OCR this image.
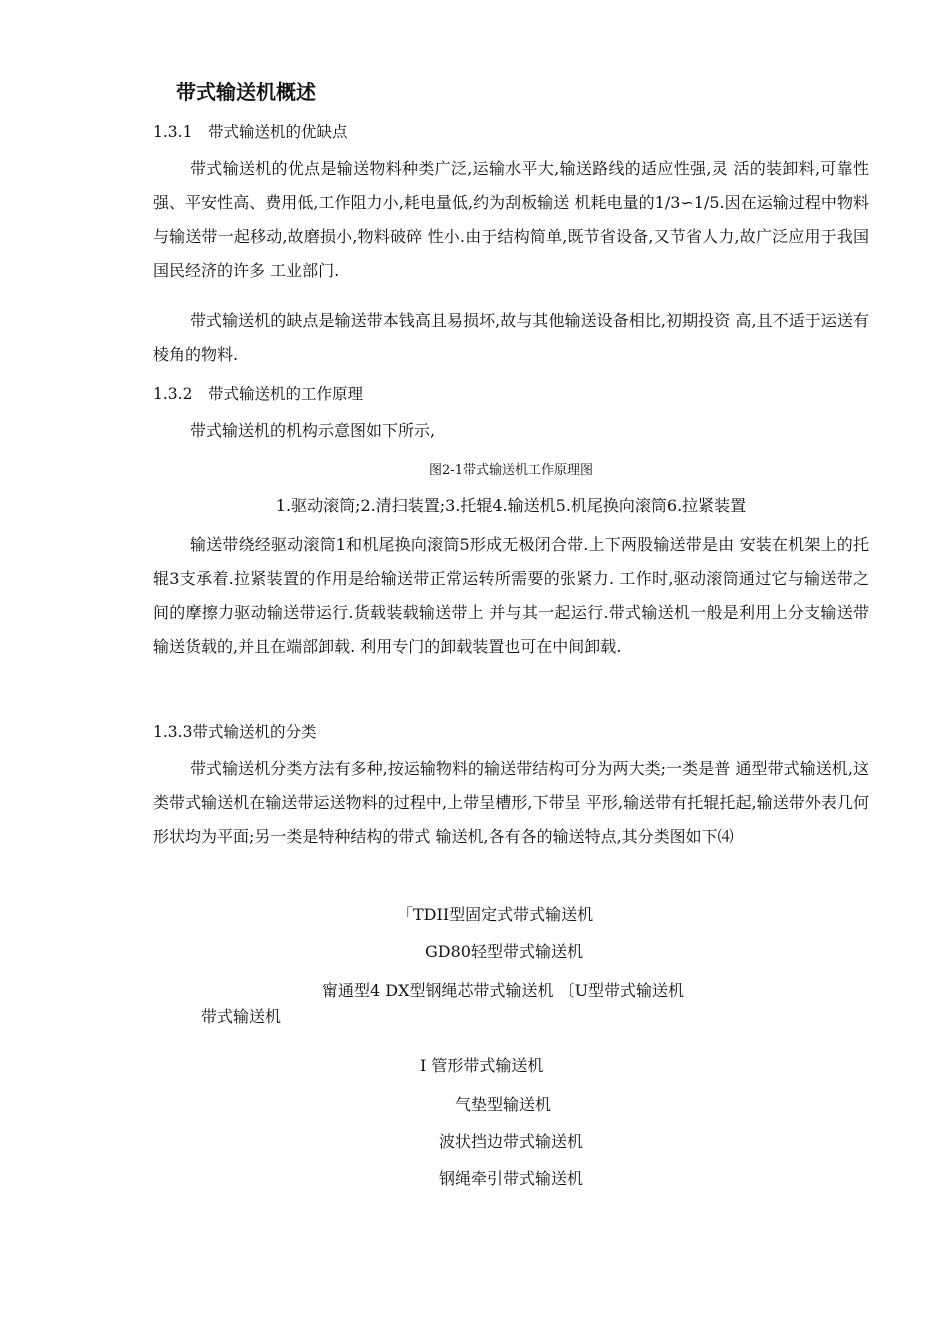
带式输送机概述
1.3.1　带式输送机的优缺点

带式输送机的优点是输送物料种类广泛,运输水平大,输送路线的适应性强,灵 活的装卸料,可靠性强、平安性高、费用低,工作阻力小,耗电量低,约为刮板输送 机耗电量的1/3∽1/5.因在运输过程中物料与输送带一起移动,故磨损小,物料破碎 性小.由于结构简单,既节省设备,又节省人力,故广泛应用于我国国民经济的许多 工业部门.

带式输送机的缺点是输送带本钱高且易损坏,故与其他输送设备相比,初期投资 高,且不适于运送有棱角的物料.

1.3.2　带式输送机的工作原理

带式输送机的机构示意图如下所示,

图2-1带式输送机工作原理图
1.驱动滚筒;2.清扫装置;3.托辊4.输送机5.机尾换向滚筒6.拉紧装置

输送带绕经驱动滚筒1和机尾换向滚筒5形成无极闭合带.上下两股输送带是由 安装在机架上的托辊3支承着.拉紧装置的作用是给输送带正常运转所需要的张紧力. 工作时,驱动滚筒通过它与输送带之间的摩擦力驱动输送带运行.货载装载输送带上 并与其一起运行.带式输送机一般是利用上分支输送带输送货载的,并且在端部卸载. 利用专门的卸载装置也可在中间卸载.

1.3.3带式输送机的分类

带式输送机分类方法有多种,按运输物料的输送带结构可分为两大类;一类是普 通型带式输送机,这类带式输送机在输送带运送物料的过程中,上带呈槽形,下带呈 平形,输送带有托辊托起,输送带外表几何形状均为平面;另一类是特种结构的带式 输送机,各有各的输送特点,其分类图如下⑷

「TDII型固定式带式输送机
GD80轻型带式输送机
甯通型4 DX型钢绳芯带式输送机 〔U型带式输送机
带式输送机
I 管形带式输送机
气垫型输送机
波状挡边带式输送机
钢绳牵引带式输送机
